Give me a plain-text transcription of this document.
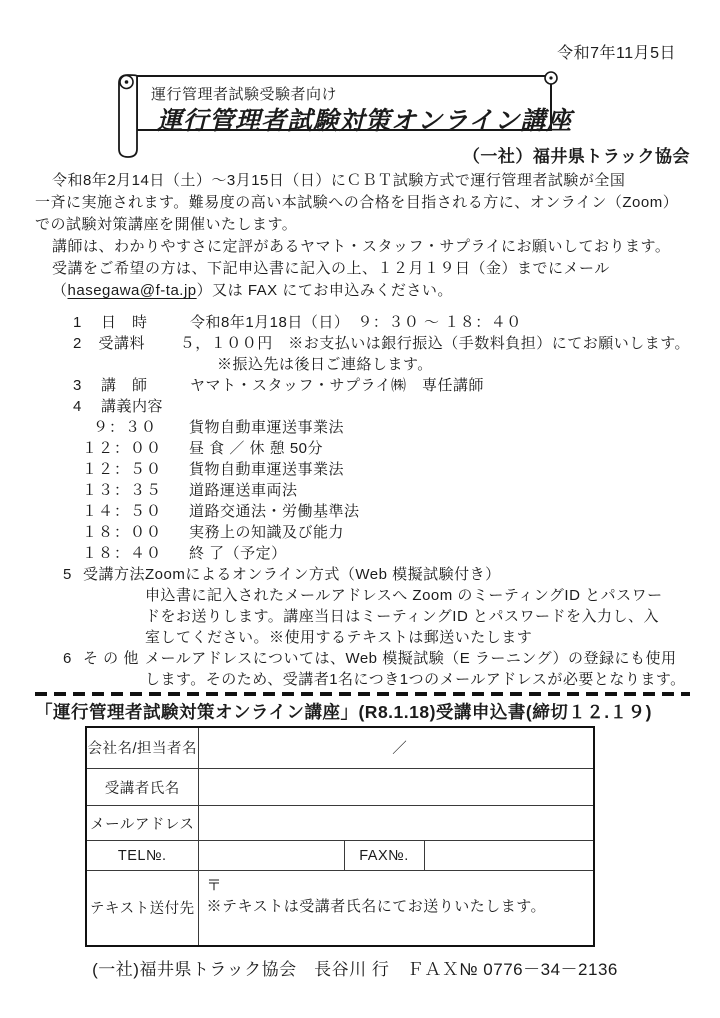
令和7年11月5日
運行管理者試験受験者向け
運行管理者試験対策オンライン講座
（一社）福井県トラック協会
令和8年2月14日（土）～3月15日（日）にＣＢＴ試験方式で運行管理者試験が全国
一斉に実施されます。難易度の高い本試験への合格を目指される方に、オンライン（Zoom）
での試験対策講座を開催いたします。
講師は、わかりやすさに定評があるヤマト・スタッフ・サプライにお願いしております。
受講をご希望の方は、下記申込書に記入の上、１２月１９日（金）までにメール
（hasegawa@f-ta.jp）又は FAX にてお申込みください。
1	日　時	令和8年1月18日（日）　９：３０ ～ １８：４０
2	受講料	５，１００円　※お支払いは銀行振込（手数料負担）にてお願いします。
※振込先は後日ご連絡します。
3	講　師	ヤマト・スタッフ・サプライ㈱　専任講師
4	講義内容
９：３０ 貨物自動車運送事業法
１２：００ 昼 食 ／ 休 憩 50分
１２：５０ 貨物自動車運送事業法
１３：３５ 道路運送車両法
１４：５０ 道路交通法・労働基準法
１８：００ 実務上の知識及び能力
１８：４０ 終 了（予定）
5 受講方法 Zoomによるオンライン方式（Web 模擬試験付き）
申込書に記入されたメールアドレスへ Zoom のミーティングID とパスワー
ドをお送りします。講座当日はミーティングID とパスワードを入力し、入
室してください。※使用するテキストは郵送いたします
6 そ の 他 メールアドレスについては、Web 模擬試験（E ラーニング）の登録にも使用
します。そのため、受講者1名につき1つのメールアドレスが必要となります。
「運行管理者試験対策オンライン講座」(R8.1.18)受講申込書(締切１２.１９)
会社名/担当者名	／		
受講者氏名			
メールアドレス			
TEL№.		FAX№.	
テキスト送付先	〒
※テキストは受講者氏名にてお送りいたします。		
(一社)福井県トラック協会　長谷川 行　ＦＡＸ№ 0776－34－2136
